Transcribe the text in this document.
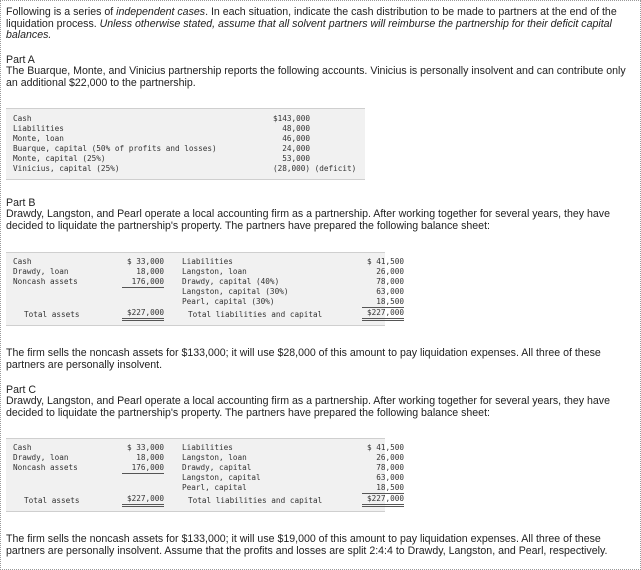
Following is a series of independent cases. In each situation, indicate the cash distribution to be made to partners at the end of the liquidation process. Unless otherwise stated, assume that all solvent partners will reimburse the partnership for their deficit capital balances.

Part A

The Buarque, Monte, and Vinicius partnership reports the following accounts. Vinicius is personally insolvent and can contribute only an additional $22,000 to the partnership.

Cash
Liabilities
Monte, loan
Buarque, capital (50% of profits and losses)
Monte, capital (25%)
Vinicius, capital (25%)
$143,000
48,000
46,000
24,000
53,000
(28,000) (deficit)

Part B

Drawdy, Langston, and Pearl operate a local accounting firm as a partnership. After working together for several years, they have decided to liquidate the partnership's property. The partners have prepared the following balance sheet:

Cash
Drawdy, loan
Noncash assets
Total assets
$ 33,000
18,000
176,000
$227,000
Liabilities
Langston, loan
Drawdy, capital (40%)
Langston, capital (30%)
Pearl, capital (30%)
Total liabilities and capital
$ 41,500
26,000
78,000
63,000
18,500
$227,000

The firm sells the noncash assets for $133,000; it will use $28,000 of this amount to pay liquidation expenses. All three of these partners are personally insolvent.

Part C

Drawdy, Langston, and Pearl operate a local accounting firm as a partnership. After working together for several years, they have decided to liquidate the partnership's property. The partners have prepared the following balance sheet:

Cash
Drawdy, loan
Noncash assets
Total assets
$ 33,000
18,000
176,000
$227,000
Liabilities
Langston, loan
Drawdy, capital
Langston, capital
Pearl, capital
Total liabilities and capital
$ 41,500
26,000
78,000
63,000
18,500
$227,000

The firm sells the noncash assets for $133,000; it will use $19,000 of this amount to pay liquidation expenses. All three of these partners are personally insolvent. Assume that the profits and losses are split 2:4:4 to Drawdy, Langston, and Pearl, respectively.
